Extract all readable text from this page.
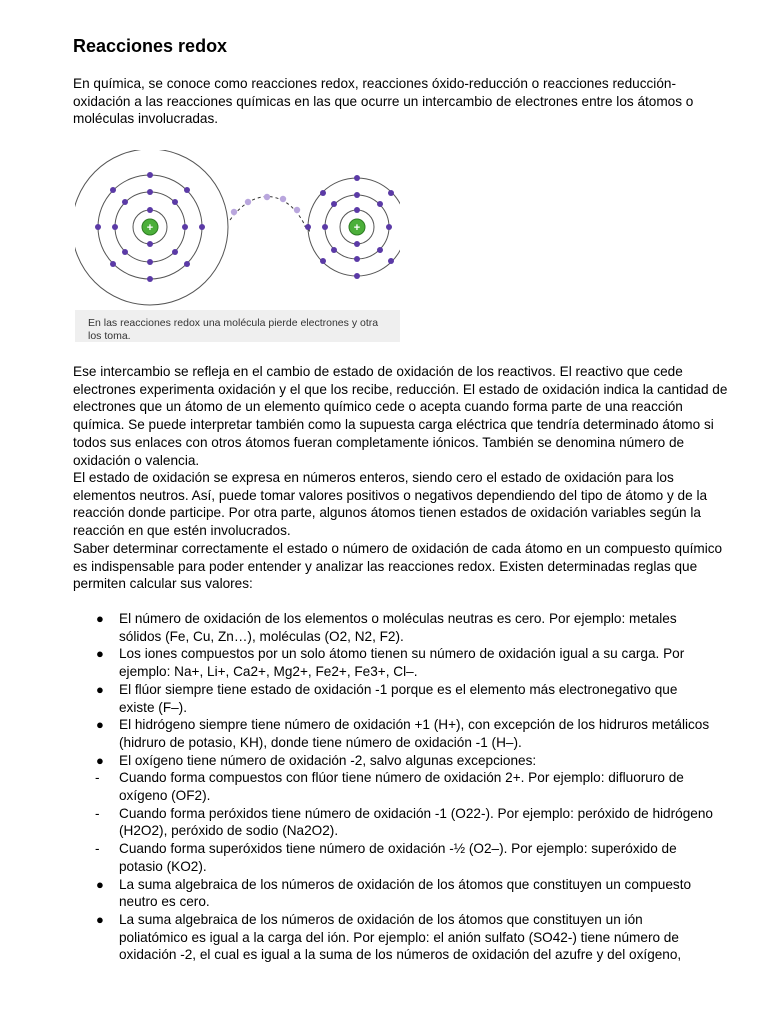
Reacciones redox

En química, se conoce como reacciones redox, reacciones óxido-reducción o reacciones reducción-oxidación a las reacciones químicas en las que ocurre un intercambio de electrones entre los átomos o moléculas involucradas.

+	+
En las reacciones redox una molécula pierde electrones y otra los toma.

Ese intercambio se refleja en el cambio de estado de oxidación de los reactivos. El reactivo que cede electrones experimenta oxidación y el que los recibe, reducción. El estado de oxidación indica la cantidad de electrones que un átomo de un elemento químico cede o acepta cuando forma parte de una reacción química. Se puede interpretar también como la supuesta carga eléctrica que tendría determinado átomo si todos sus enlaces con otros átomos fueran completamente iónicos. También se denomina número de oxidación o valencia.

El estado de oxidación se expresa en números enteros, siendo cero el estado de oxidación para los elementos neutros. Así, puede tomar valores positivos o negativos dependiendo del tipo de átomo y de la reacción donde participe. Por otra parte, algunos átomos tienen estados de oxidación variables según la reacción en que estén involucrados.

Saber determinar correctamente el estado o número de oxidación de cada átomo en un compuesto químico es indispensable para poder entender y analizar las reacciones redox. Existen determinadas reglas que permiten calcular sus valores:

●	El número de oxidación de los elementos o moléculas neutras es cero. Por ejemplo: metales sólidos (Fe, Cu, Zn…), moléculas (O2, N2, F2).
●	Los iones compuestos por un solo átomo tienen su número de oxidación igual a su carga. Por ejemplo: Na+, Li+, Ca2+, Mg2+, Fe2+, Fe3+, Cl–.
●	El flúor siempre tiene estado de oxidación -1 porque es el elemento más electronegativo que existe (F–).
●	El hidrógeno siempre tiene número de oxidación +1 (H+), con excepción de los hidruros metálicos (hidruro de potasio, KH), donde tiene número de oxidación -1 (H–).
●	El oxígeno tiene número de oxidación -2, salvo algunas excepciones:
-	Cuando forma compuestos con flúor tiene número de oxidación 2+. Por ejemplo: difluoruro de oxígeno (OF2).
-	Cuando forma peróxidos tiene número de oxidación -1 (O22-). Por ejemplo: peróxido de hidrógeno (H2O2), peróxido de sodio (Na2O2).
-	Cuando forma superóxidos tiene número de oxidación -½ (O2–). Por ejemplo: superóxido de potasio (KO2).
●	La suma algebraica de los números de oxidación de los átomos que constituyen un compuesto neutro es cero.
●	La suma algebraica de los números de oxidación de los átomos que constituyen un ión poliatómico es igual a la carga del ión. Por ejemplo: el anión sulfato (SO42-) tiene número de oxidación -2, el cual es igual a la suma de los números de oxidación del azufre y del oxígeno,
